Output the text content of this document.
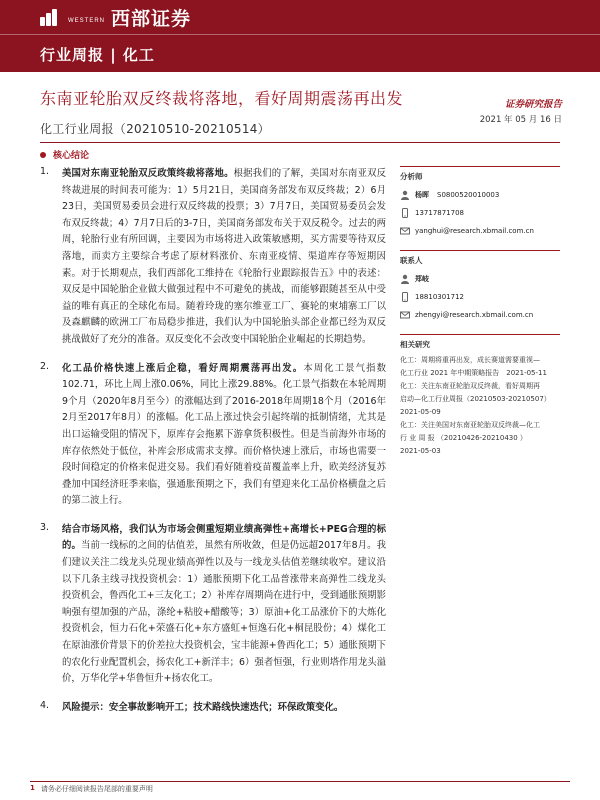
WESTERN 西部证券
行业周报 | 化工
东南亚轮胎双反终裁将落地，看好周期震荡再出发	证券研究报告
2021 年 05 月 16 日
化工行业周报（20210510-20210514）
核心结论
1. 美国对东南亚轮胎双反政策终裁将落地。根据我们的了解，美国对东南亚双反终裁进展的时间表可能为：1）5月21日，美国商务部发布双反终裁；2）6月23日，美国贸易委员会进行双反终裁的投票；3）7月7日，美国贸易委员会发布双反终裁；4）7月7日后的3-7日，美国商务部发布关于双反税令。过去的两周，轮胎行业有所回调，主要因为市场将进入政策敏感期，买方需要等待双反落地，而卖方主要综合考虑了原材料涨价、东南亚疫情、渠道库存等短期因素。对于长期观点，我们西部化工维持在《轮胎行业跟踪报告五》中的表述：双反是中国轮胎企业做大做强过程中不可避免的挑战，而能够跟随甚至从中受益的唯有真正的全球化布局。随着玲珑的塞尔维亚工厂、赛轮的柬埔寨工厂以及森麒麟的欧洲工厂布局稳步推进，我们认为中国轮胎头部企业都已经为双反挑战做好了充分的准备。双反变化不会改变中国轮胎企业崛起的长期趋势。
2. 化工品价格快速上涨后企稳，看好周期震荡再出发。本周化工景气指数102.71，环比上周上涨0.06%，同比上涨29.88%。化工景气指数在本轮周期9个月（2020年8月至今）的涨幅达到了2016-2018年周期18个月（2016年2月至2017年8月）的涨幅。化工品上涨过快会引起终端的抵制情绪，尤其是出口运输受阻的情况下，原库存会拖累下游拿货积极性。但是当前海外市场的库存依然处于低位，补库会形成需求支撑。而价格快速上涨后，市场也需要一段时间稳定的价格来促进交易。我们看好随着疫苗覆盖率上升，欧美经济复苏叠加中国经济旺季来临，强通胀预期之下，我们有望迎来化工品价格横盘之后的第二波上行。
3. 结合市场风格，我们认为市场会侧重短期业绩高弹性+高增长+PEG合理的标的。当前一线标的之间的估值差，虽然有所收敛，但是仍远超2017年8月。我们建议关注二线龙头兑现业绩高弹性以及与一线龙头估值差继续收窄。建议沿以下几条主线寻找投资机会：1）通胀预期下化工品普涨带来高弹性二线龙头投资机会，鲁西化工+三友化工；2）补库存周期尚在进行中，受到通胀预期影响强有望加强的产品，涤纶+粘胶+醋酸等；3）原油+化工品涨价下的大炼化投资机会，恒力石化+荣盛石化+东方盛虹+恒逸石化+桐昆股份；4）煤化工在原油涨价背景下的价差拉大投资机会，宝丰能源+鲁西化工；5）通胀预期下的农化行业配置机会，扬农化工+新洋丰；6）强者恒强，行业则塔作用龙头溢价，万华化学+华鲁恒升+扬农化工。
4. 风险提示：安全事故影响开工；技术路线快速迭代；环保政策变化。
分析师
杨晖 S0800520010003
13717871708
yanghui@research.xbmail.com.cn
联系人
郑岐
18810301712
zhengyi@research.xbmail.com.cn
相关研究
化工：周期将重再出发，成长赛道需要重视—
化工行业 2021 年中期策略报告　2021-05-11
化工：关注东南亚轮胎双反终裁，看好周期再
启动—化工行业周报（20210503-20210507）
2021-05-09
化工：关注美国对东南亚轮胎双反终裁—化工
行 业 周 报 （20210426-20210430 ）
2021-05-03
1 请务必仔细阅读报告尾部的重要声明
